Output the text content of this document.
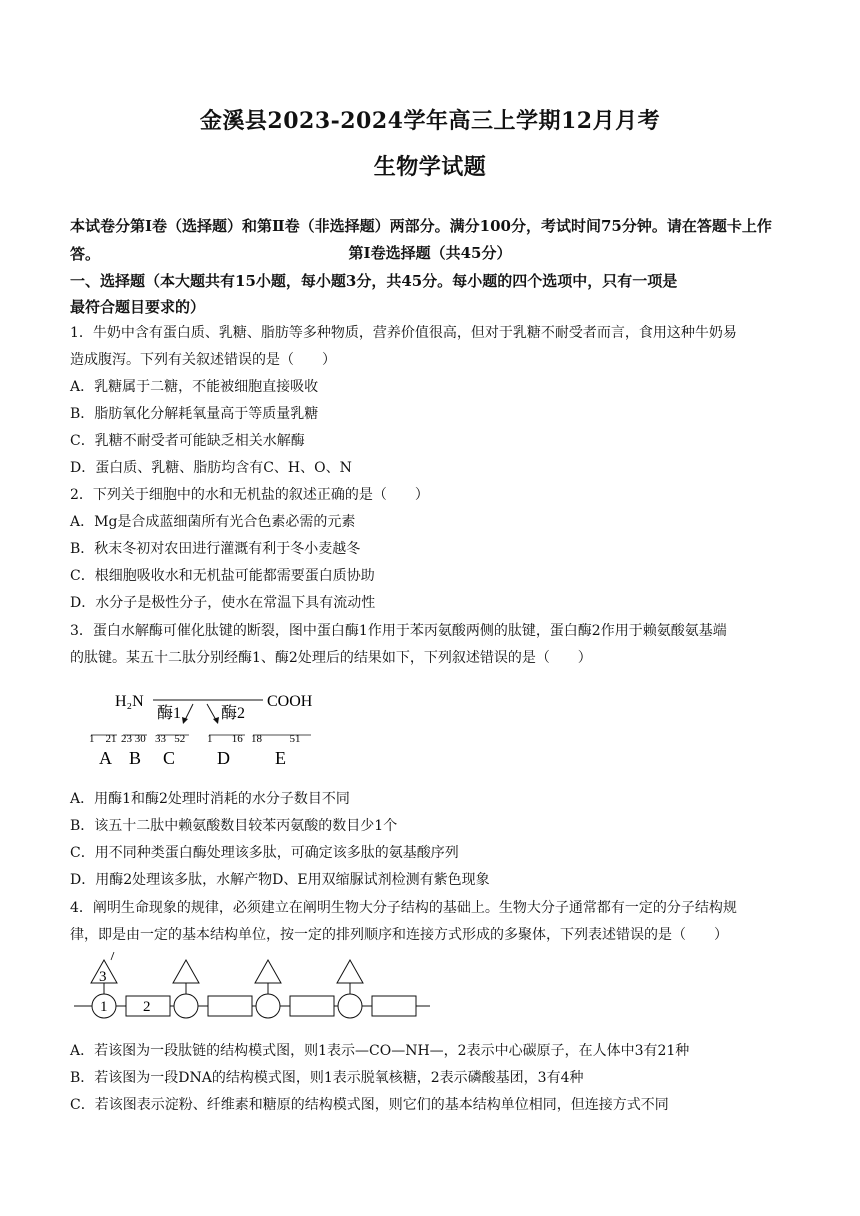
金溪县2023-2024学年高三上学期12月月考
生物学试题
本试卷分第Ⅰ卷（选择题）和第Ⅱ卷（非选择题）两部分。满分100分，考试时间75分钟。请在答题卡上作答。	第Ⅰ卷选择题（共45分）
一、选择题（本大题共有15小题，每小题3分，共45分。每小题的四个选项中，只有一项是
最符合题目要求的）
1．牛奶中含有蛋白质、乳糖、脂肪等多种物质，营养价值很高，但对于乳糖不耐受者而言，食用这种牛奶易
造成腹泻。下列有关叙述错误的是（　　）
A．乳糖属于二糖，不能被细胞直接吸收
B．脂肪氧化分解耗氧量高于等质量乳糖
C．乳糖不耐受者可能缺乏相关水解酶
D．蛋白质、乳糖、脂肪均含有C、H、O、N
2．下列关于细胞中的水和无机盐的叙述正确的是（　　）
A．Mg是合成蓝细菌所有光合色素必需的元素
B．秋末冬初对农田进行灌溉有利于冬小麦越冬
C．根细胞吸收水和无机盐可能都需要蛋白质协助
D．水分子是极性分子，使水在常温下具有流动性
3．蛋白水解酶可催化肽键的断裂，图中蛋白酶1作用于苯丙氨酸两侧的肽键，蛋白酶2作用于赖氨酸氨基端
的肽键。某五十二肽分别经酶1、酶2处理后的结果如下，下列叙述错误的是（　　）
H₂N	COOH
酶1 酶2
1    21 23 30 33   52
A B C
1       16 18          51
D	E
A．用酶1和酶2处理时消耗的水分子数目不同
B．该五十二肽中赖氨酸数目较苯丙氨酸的数目少1个
C．用不同种类蛋白酶处理该多肽，可确定该多肽的氨基酸序列
D．用酶2处理该多肽，水解产物D、E用双缩脲试剂检测有紫色现象
4．阐明生命现象的规律，必须建立在阐明生物大分子结构的基础上。生物大分子通常都有一定的分子结构规
律，即是由一定的基本结构单位，按一定的排列顺序和连接方式形成的多聚体，下列表述错误的是（　　）
3
1 2
A．若该图为一段肽链的结构模式图，则1表示—CO—NH—，2表示中心碳原子，在人体中3有21种
B．若该图为一段DNA的结构模式图，则1表示脱氧核糖，2表示磷酸基团，3有4种
C．若该图表示淀粉、纤维素和糖原的结构模式图，则它们的基本结构单位相同，但连接方式不同
